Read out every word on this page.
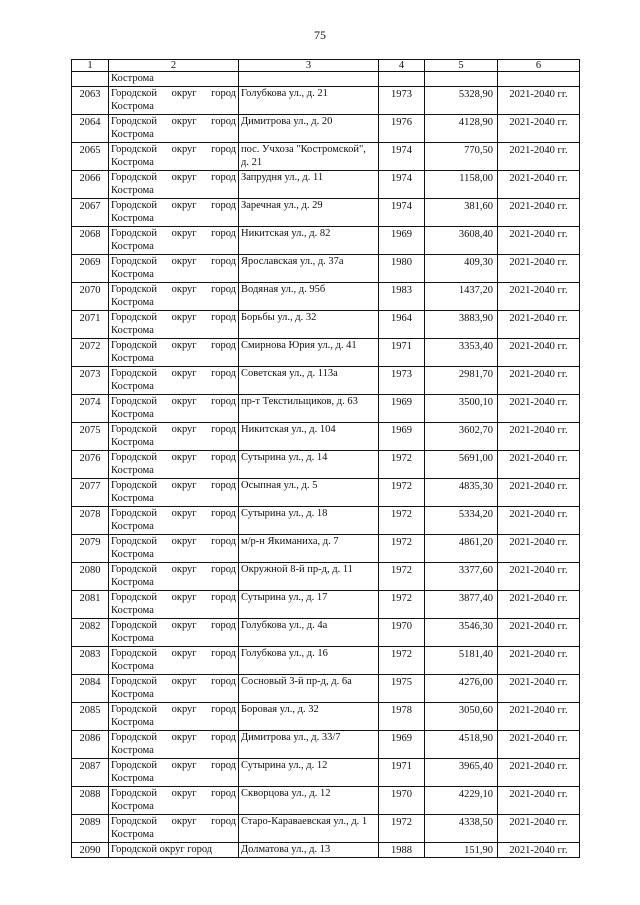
75
1	2	3	4	5	6
	Кострома				
2063	Городской округ город Кострома	Голубкова ул., д. 21	1973	5328,90	2021-2040 гг.
2064	Городской округ город Кострома	Димитрова ул., д. 20	1976	4128,90	2021-2040 гг.
2065	Городской округ город Кострома	пос. Учхоза "Костромской", д. 21	1974	770,50	2021-2040 гг.
2066	Городской округ город Кострома	Запрудня ул., д. 11	1974	1158,00	2021-2040 гг.
2067	Городской округ город Кострома	Заречная ул., д. 29	1974	381,60	2021-2040 гг.
2068	Городской округ город Кострома	Никитская ул., д. 82	1969	3608,40	2021-2040 гг.
2069	Городской округ город Кострома	Ярославская ул., д. 37а	1980	409,30	2021-2040 гг.
2070	Городской округ город Кострома	Водяная ул., д. 95б	1983	1437,20	2021-2040 гг.
2071	Городской округ город Кострома	Борьбы ул., д. 32	1964	3883,90	2021-2040 гг.
2072	Городской округ город Кострома	Смирнова Юрия ул., д. 41	1971	3353,40	2021-2040 гг.
2073	Городской округ город Кострома	Советская ул., д. 113а	1973	2981,70	2021-2040 гг.
2074	Городской округ город Кострома	пр-т Текстильщиков, д. 63	1969	3500,10	2021-2040 гг.
2075	Городской округ город Кострома	Никитская ул., д. 104	1969	3602,70	2021-2040 гг.
2076	Городской округ город Кострома	Сутырина ул., д. 14	1972	5691,00	2021-2040 гг.
2077	Городской округ город Кострома	Осыпная ул., д. 5	1972	4835,30	2021-2040 гг.
2078	Городской округ город Кострома	Сутырина ул., д. 18	1972	5334,20	2021-2040 гг.
2079	Городской округ город Кострома	м/р-н Якиманиха, д. 7	1972	4861,20	2021-2040 гг.
2080	Городской округ город Кострома	Окружной 8-й пр-д, д. 11	1972	3377,60	2021-2040 гг.
2081	Городской округ город Кострома	Сутырина ул., д. 17	1972	3877,40	2021-2040 гг.
2082	Городской округ город Кострома	Голубкова ул., д. 4а	1970	3546,30	2021-2040 гг.
2083	Городской округ город Кострома	Голубкова ул., д. 16	1972	5181,40	2021-2040 гг.
2084	Городской округ город Кострома	Сосновый 3-й пр-д, д. 6а	1975	4276,00	2021-2040 гг.
2085	Городской округ город Кострома	Боровая ул., д. 32	1978	3050,60	2021-2040 гг.
2086	Городской округ город Кострома	Димитрова ул., д. 33/7	1969	4518,90	2021-2040 гг.
2087	Городской округ город Кострома	Сутырина ул., д. 12	1971	3965,40	2021-2040 гг.
2088	Городской округ город Кострома	Скворцова ул., д. 12	1970	4229,10	2021-2040 гг.
2089	Городской округ город Кострома	Старо-Караваевская ул., д. 1	1972	4338,50	2021-2040 гг.
2090	Городской округ город	Долматова ул., д. 13	1988	151,90	2021-2040 гг.
